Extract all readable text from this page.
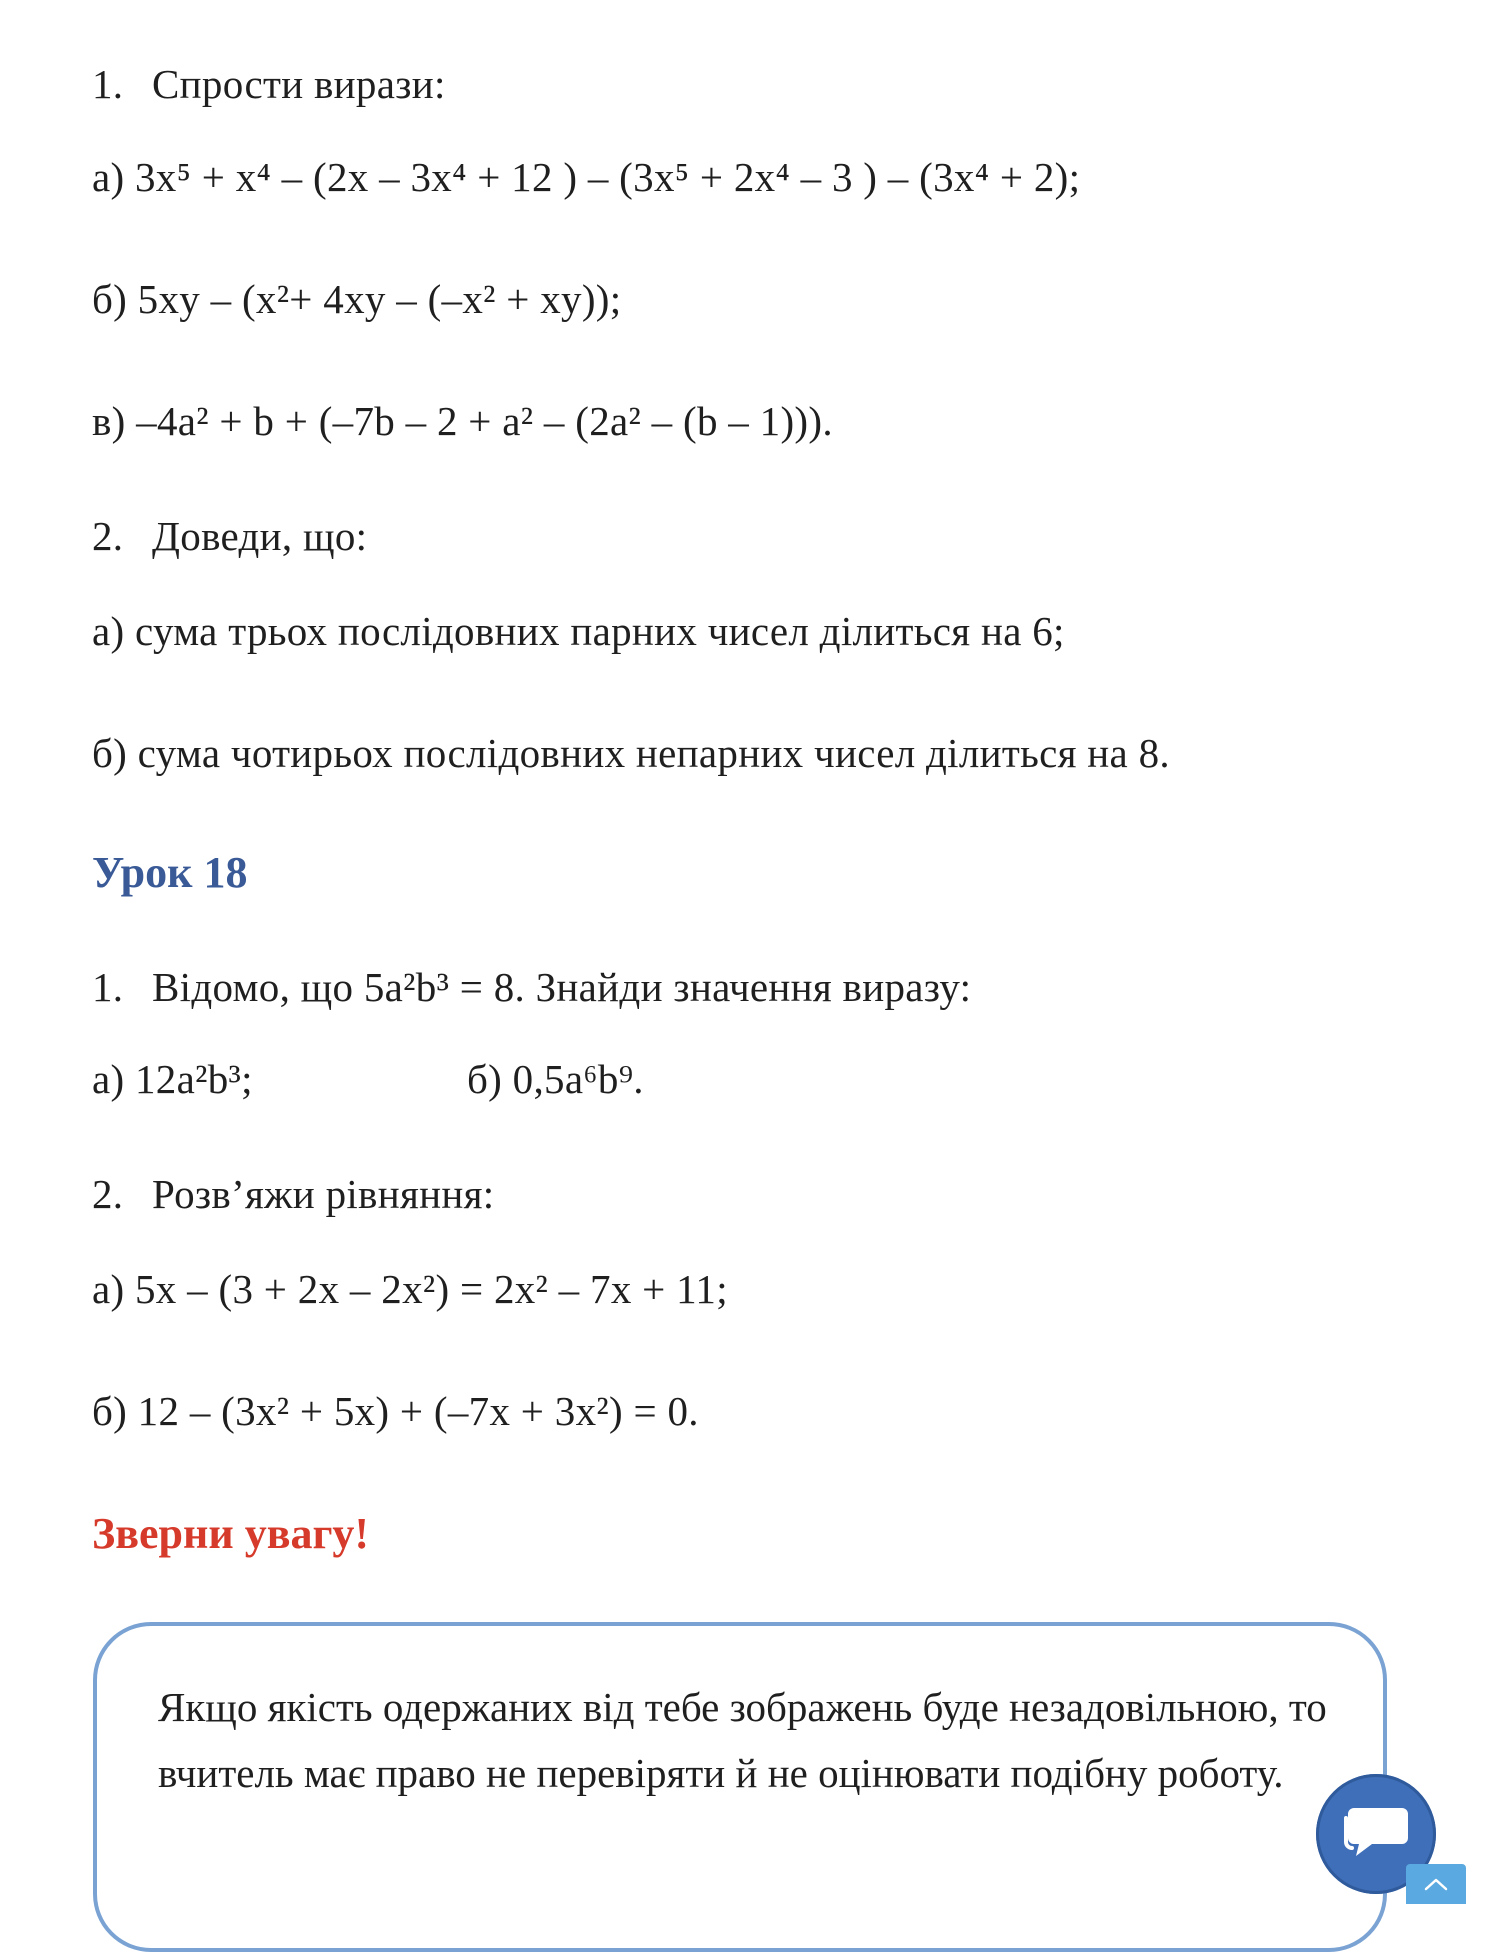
1. Спрости вирази:
а) 3x⁵ + x⁴ – (2x – 3x⁴ + 12 ) – (3x⁵ + 2x⁴ – 3 ) – (3x⁴ + 2);
б) 5xy – (x²+ 4xy – (–x² + xy));
в) –4a² + b + (–7b – 2 + a² – (2a² – (b – 1))).
2. Доведи, що:
а) сума трьох послідовних парних чисел ділиться на 6;
б) сума чотирьох послідовних непарних чисел ділиться на 8.
Урок 18
1. Відомо, що 5a²b³ = 8. Знайди значення виразу:
а) 12a²b³;	б) 0,5a⁶b⁹.
2. Розв’яжи рівняння:
а) 5x – (3 + 2x – 2x²) = 2x² – 7x + 11;
б) 12 – (3x² + 5x) + (–7x + 3x²) = 0.
Зверни увагу!
Якщо якість одержаних від тебе зображень буде незадовільною, то вчитель має право не перевіряти й не оцінювати подібну роботу.
